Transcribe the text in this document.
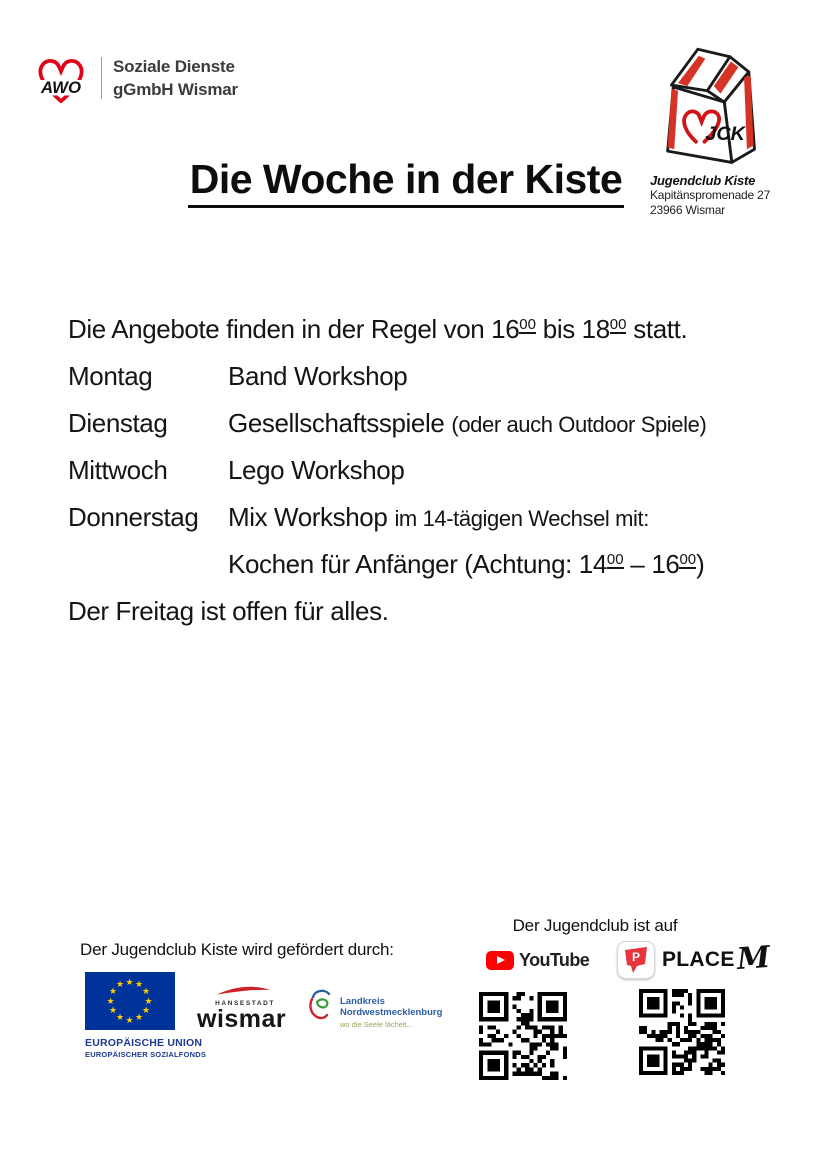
AWO
Soziale Dienste
gGmbH Wismar
JCK
Jugendclub Kiste
Kapitänspromenade 27
23966 Wismar
Die Woche in der Kiste
Die Angebote finden in der Regel von 1600 bis 1800 statt.
Montag	Band Workshop
Dienstag Gesellschaftsspiele (oder auch Outdoor Spiele)
Mittwoch Lego Workshop
Donnerstag Mix Workshop im 14-tägigen Wechsel mit:
Kochen für Anfänger (Achtung: 1400 – 1600)
Der Freitag ist offen für alles.
Der Jugendclub Kiste wird gefördert durch:
★ ★
★
★
★
★
★
★
★
★
★
★
EUROPÄISCHE UNION
EUROPÄISCHER SOZIALFONDS
HANSESTADT
wismar
Landkreis
Nordwestmecklenburg
wo die Seele lächelt...
Der Jugendclub ist auf
YouTube	P PLACE M
